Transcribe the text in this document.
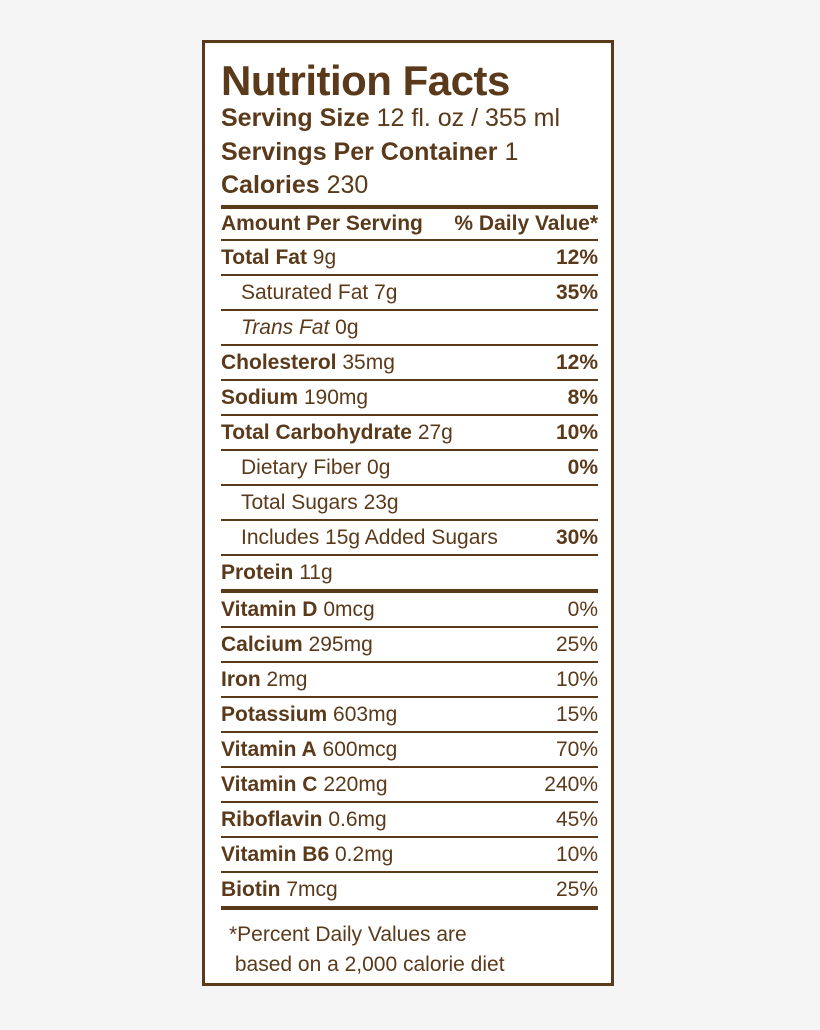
Nutrition Facts
Serving Size 12 fl. oz / 355 ml
Servings Per Container 1
Calories 230
Amount Per Serving % Daily Value*
Total Fat 9g	12%
Saturated Fat 7g	35%
Trans Fat 0g
Cholesterol 35mg	12%
Sodium 190mg	8%
Total Carbohydrate 27g	10%
Dietary Fiber 0g	0%
Total Sugars 23g
Includes 15g Added Sugars	30%
Protein 11g
Vitamin D 0mcg	0%
Calcium 295mg	25%
Iron 2mg	10%
Potassium 603mg	15%
Vitamin A 600mcg	70%
Vitamin C 220mg	240%
Riboflavin 0.6mg	45%
Vitamin B6 0.2mg	10%
Biotin 7mcg	25%
*Percent Daily Values are
based on a 2,000 calorie diet
